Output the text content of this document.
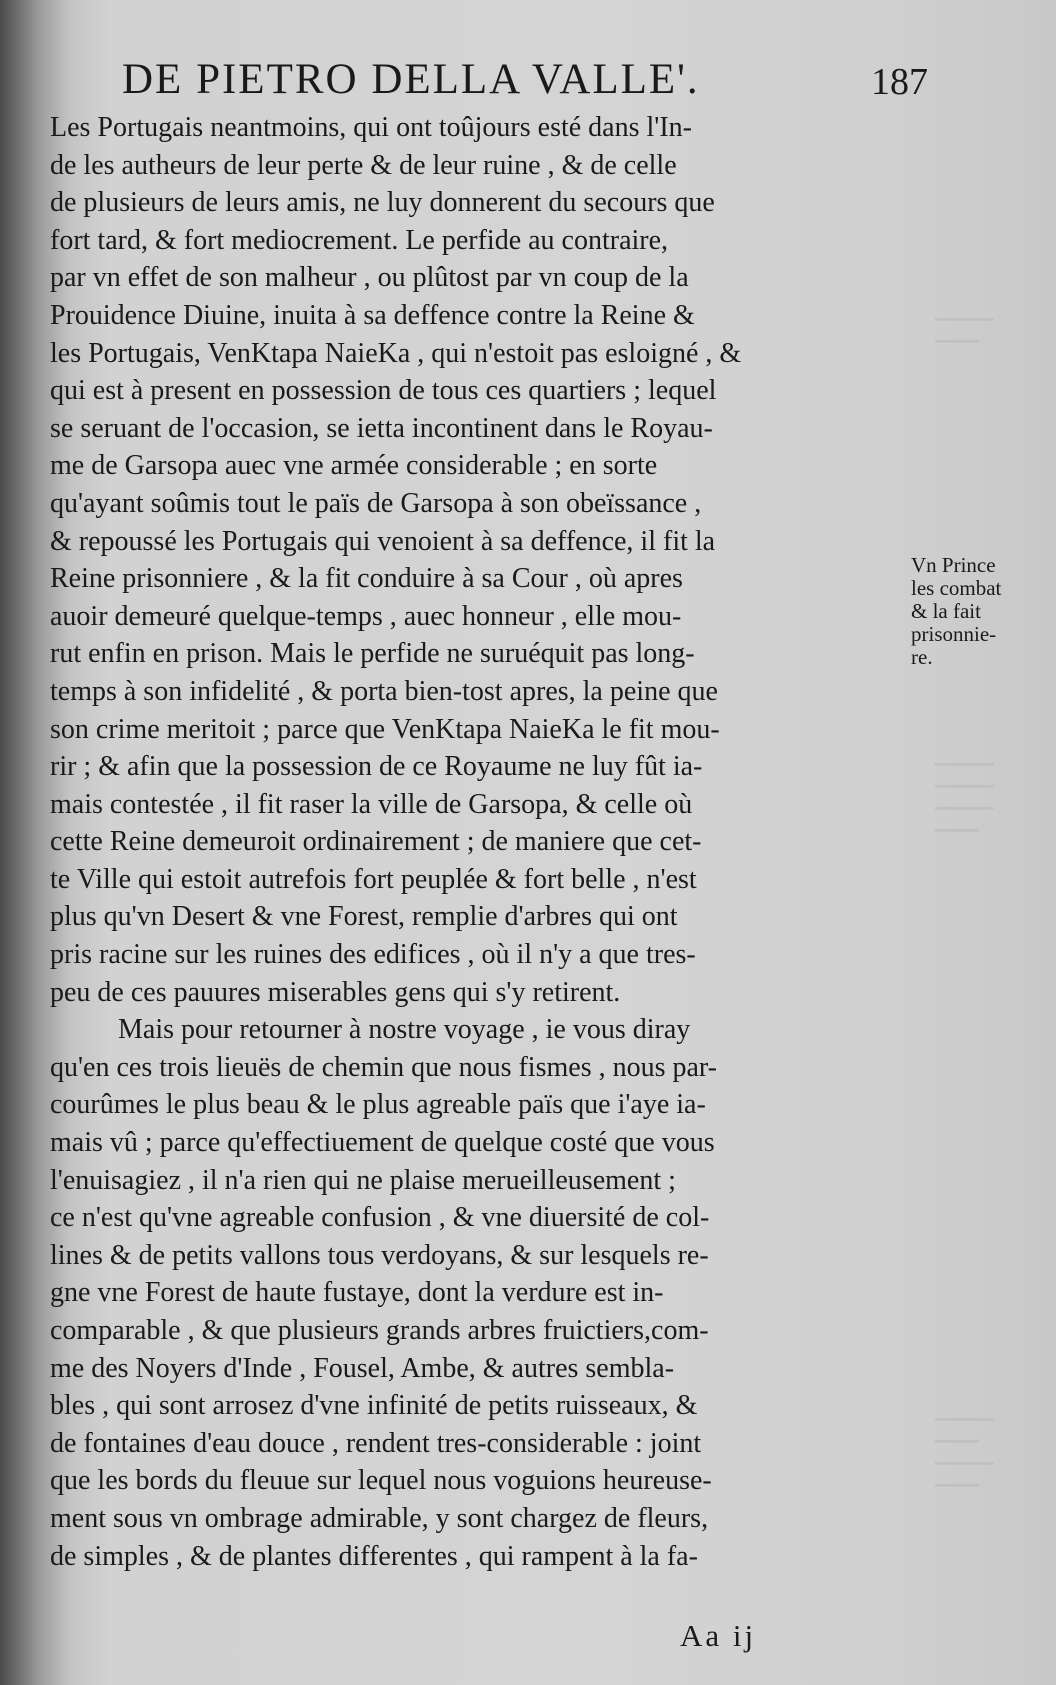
▁▁▁▁
▁▁▁
▁▁▁▁
▁▁▁▁
▁▁▁▁
▁▁▁
▁▁▁▁
▁▁▁
▁▁▁▁
▁▁▁
DE PIETRO DELLA VALLE'.	187
Les Portugais neantmoins, qui ont toûjours esté dans l'In-
de les autheurs de leur perte & de leur ruine , & de celle
de plusieurs de leurs amis, ne luy donnerent du secours que
fort tard, & fort mediocrement. Le perfide au contraire,
par vn effet de son malheur , ou plûtost par vn coup de la
Prouidence Diuine, inuita à sa deffence contre la Reine &
les Portugais, VenKtapa NaieKa , qui n'estoit pas esloigné , &
qui est à present en possession de tous ces quartiers ; lequel
se seruant de l'occasion, se ietta incontinent dans le Royau-
me de Garsopa auec vne armée considerable ; en sorte
qu'ayant soûmis tout le païs de Garsopa à son obeïssance ,
& repoussé les Portugais qui venoient à sa deffence, il fit la
Reine prisonniere , & la fit conduire à sa Cour , où apres
auoir demeuré quelque-temps , auec honneur , elle mou-
rut enfin en prison. Mais le perfide ne suruéquit pas long-
temps à son infidelité , & porta bien-tost apres, la peine que
son crime meritoit ; parce que VenKtapa NaieKa le fit mou-
rir ; & afin que la possession de ce Royaume ne luy fût ia-
mais contestée , il fit raser la ville de Garsopa, & celle où
cette Reine demeuroit ordinairement ; de maniere que cet-
te Ville qui estoit autrefois fort peuplée & fort belle , n'est
plus qu'vn Desert & vne Forest, remplie d'arbres qui ont
pris racine sur les ruines des edifices , où il n'y a que tres-
peu de ces pauures miserables gens qui s'y retirent.
Mais pour retourner à nostre voyage , ie vous diray
qu'en ces trois lieuës de chemin que nous fismes , nous par-
courûmes le plus beau & le plus agreable païs que i'aye ia-
mais vû ; parce qu'effectiuement de quelque costé que vous
l'enuisagiez , il n'a rien qui ne plaise merueilleusement ;
ce n'est qu'vne agreable confusion , & vne diuersité de col-
lines & de petits vallons tous verdoyans, & sur lesquels re-
gne vne Forest de haute fustaye, dont la verdure est in-
comparable , & que plusieurs grands arbres fruictiers,com-
me des Noyers d'Inde , Fousel, Ambe, & autres sembla-
bles , qui sont arrosez d'vne infinité de petits ruisseaux, &
de fontaines d'eau douce , rendent tres-considerable : joint
que les bords du fleuue sur lequel nous voguions heureuse-
ment sous vn ombrage admirable, y sont chargez de fleurs,
de simples , & de plantes differentes , qui rampent à la fa-
Vn Prince
les combat
& la fait
prisonnie-
re.
Aa ij
